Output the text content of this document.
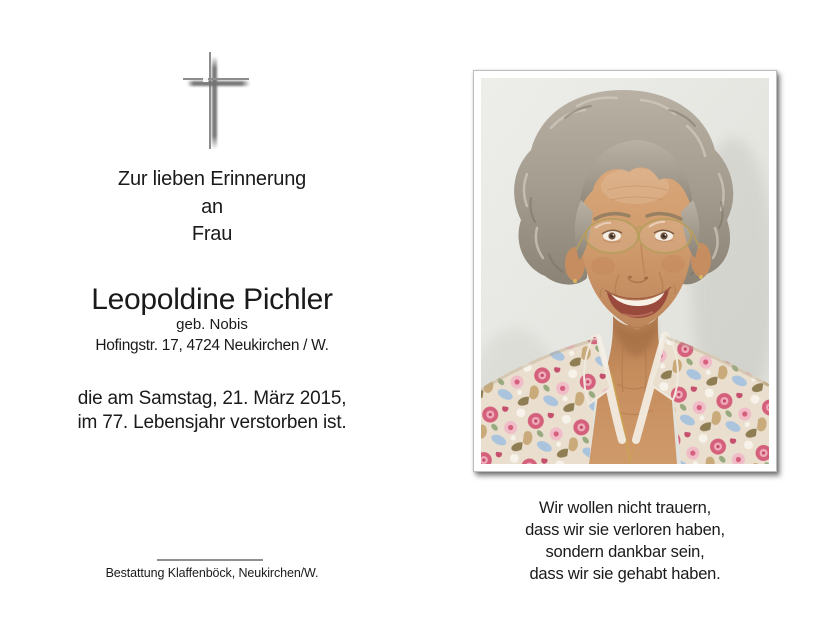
Zur lieben Erinnerung
an
Frau
Leopoldine Pichler
geb. Nobis
Hofingstr. 17, 4724 Neukirchen / W.
die am Samstag, 21. März 2015,
im 77. Lebensjahr verstorben ist.
Bestattung Klaffenböck, Neukirchen/W.
Wir wollen nicht trauern,
dass wir sie verloren haben,
sondern dankbar sein,
dass wir sie gehabt haben.
